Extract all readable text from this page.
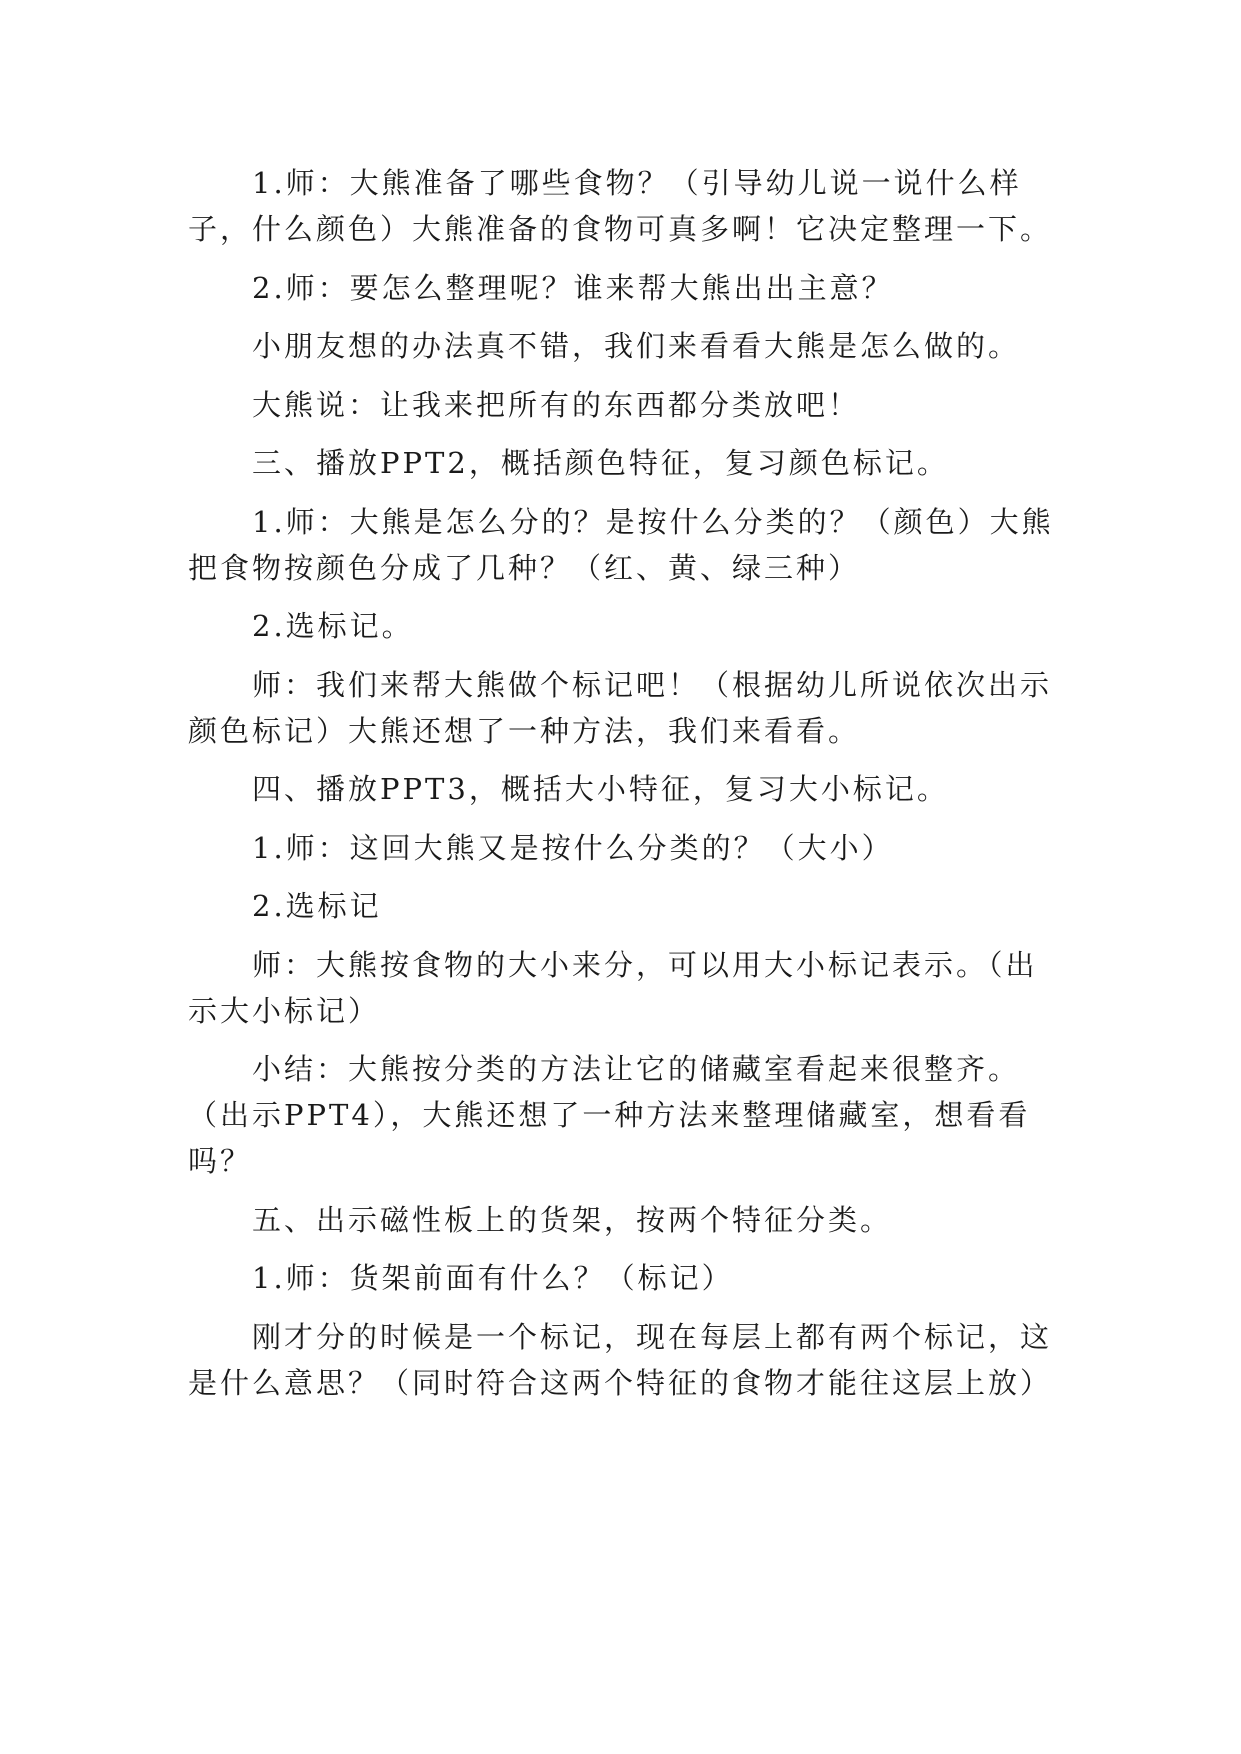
1.师：大熊准备了哪些食物？（引导幼儿说一说什么样子，什么颜色）大熊准备的食物可真多啊！它决定整理一下。

2.师：要怎么整理呢？谁来帮大熊出出主意？

小朋友想的办法真不错，我们来看看大熊是怎么做的。

大熊说：让我来把所有的东西都分类放吧！

三、播放PPT2，概括颜色特征，复习颜色标记。

1.师：大熊是怎么分的？是按什么分类的？（颜色）大熊把食物按颜色分成了几种？（红、黄、绿三种）

2.选标记。

师：我们来帮大熊做个标记吧！（根据幼儿所说依次出示颜色标记）大熊还想了一种方法，我们来看看。

四、播放PPT3，概括大小特征，复习大小标记。

1.师：这回大熊又是按什么分类的？（大小）

2.选标记

师：大熊按食物的大小来分，可以用大小标记表示。（出示大小标记）

小结：大熊按分类的方法让它的储藏室看起来很整齐。（出示PPT4），大熊还想了一种方法来整理储藏室，想看看吗？

五、出示磁性板上的货架，按两个特征分类。

1.师：货架前面有什么？（标记）

刚才分的时候是一个标记，现在每层上都有两个标记，这是什么意思？（同时符合这两个特征的食物才能往这层上放）
